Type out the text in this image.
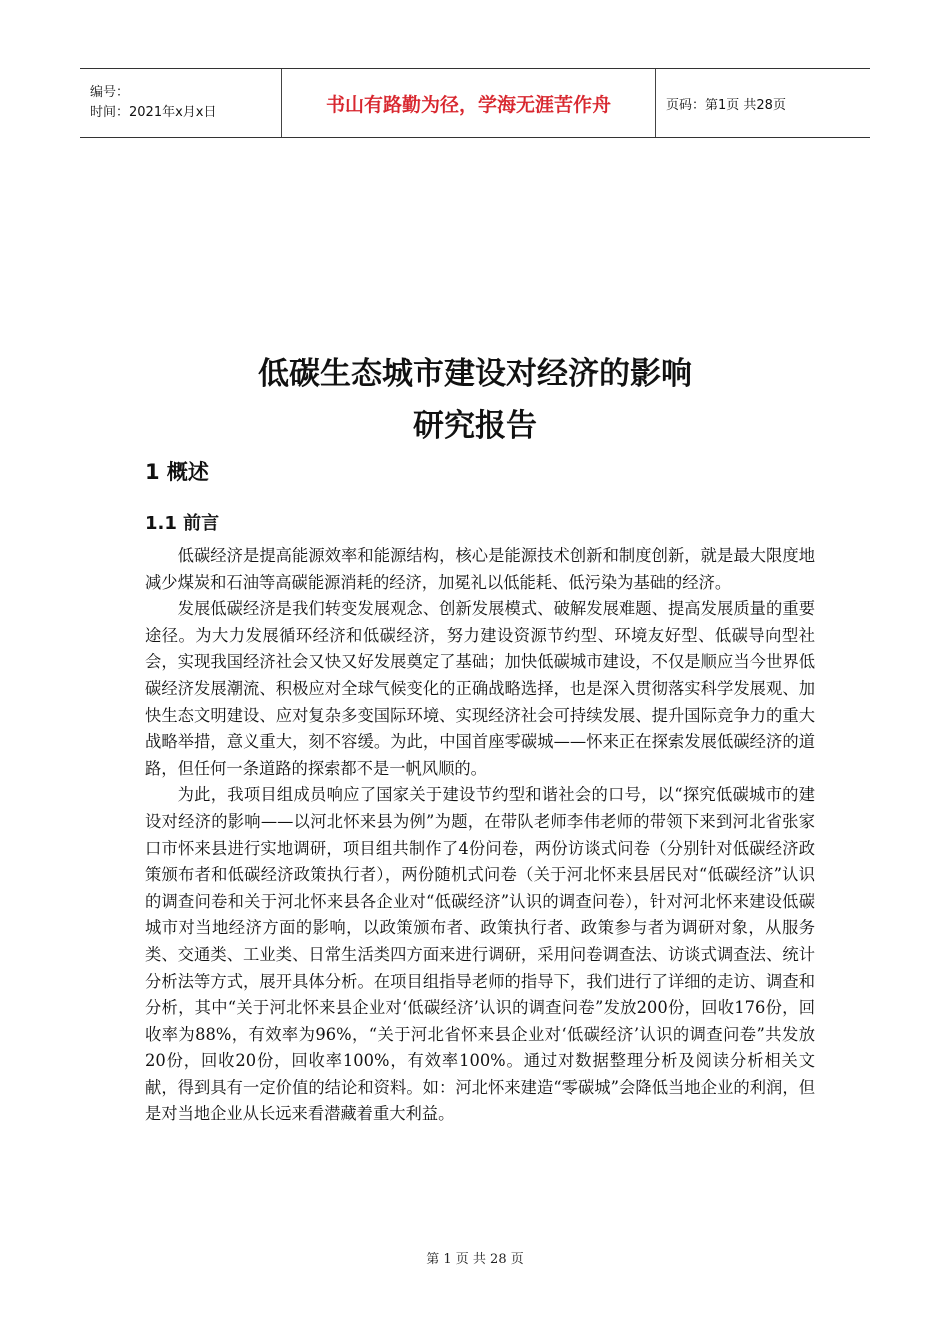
编号：
时间：2021年x月x日	书山有路勤为径，学海无涯苦作舟	页码：第1页 共28页
低碳生态城市建设对经济的影响
研究报告
1 概述
1.1 前言

低碳经济是提高能源效率和能源结构，核心是能源技术创新和制度创新，就是最大限度地减少煤炭和石油等高碳能源消耗的经济，加冕礼以低能耗、低污染为基础的经济。

发展低碳经济是我们转变发展观念、创新发展模式、破解发展难题、提高发展质量的重要途径。为大力发展循环经济和低碳经济，努力建设资源节约型、环境友好型、低碳导向型社会，实现我国经济社会又快又好发展奠定了基础；加快低碳城市建设，不仅是顺应当今世界低碳经济发展潮流、积极应对全球气候变化的正确战略选择，也是深入贯彻落实科学发展观、加快生态文明建设、应对复杂多变国际环境、实现经济社会可持续发展、提升国际竞争力的重大战略举措，意义重大，刻不容缓。为此，中国首座零碳城——怀来正在探索发展低碳经济的道路，但任何一条道路的探索都不是一帆风顺的。

为此，我项目组成员响应了国家关于建设节约型和谐社会的口号，以“探究低碳城市的建设对经济的影响——以河北怀来县为例”为题，在带队老师李伟老师的带领下来到河北省张家口市怀来县进行实地调研，项目组共制作了4份问卷，两份访谈式问卷（分别针对低碳经济政策颁布者和低碳经济政策执行者），两份随机式问卷（关于河北怀来县居民对“低碳经济”认识的调查问卷和关于河北怀来县各企业对“低碳经济”认识的调查问卷），针对河北怀来建设低碳城市对当地经济方面的影响，以政策颁布者、政策执行者、政策参与者为调研对象，从服务类、交通类、工业类、日常生活类四方面来进行调研，采用问卷调查法、访谈式调查法、统计分析法等方式，展开具体分析。在项目组指导老师的指导下，我们进行了详细的走访、调查和分析，其中“关于河北怀来县企业对‘低碳经济’认识的调查问卷”发放200份，回收176份，回收率为88%，有效率为96%，“关于河北省怀来县企业对‘低碳经济’认识的调查问卷”共发放20份，回收20份，回收率100%，有效率100%。通过对数据整理分析及阅读分析相关文献，得到具有一定价值的结论和资料。如：河北怀来建造“零碳城”会降低当地企业的利润，但是对当地企业从长远来看潜藏着重大利益。

第 1 页 共 28 页
